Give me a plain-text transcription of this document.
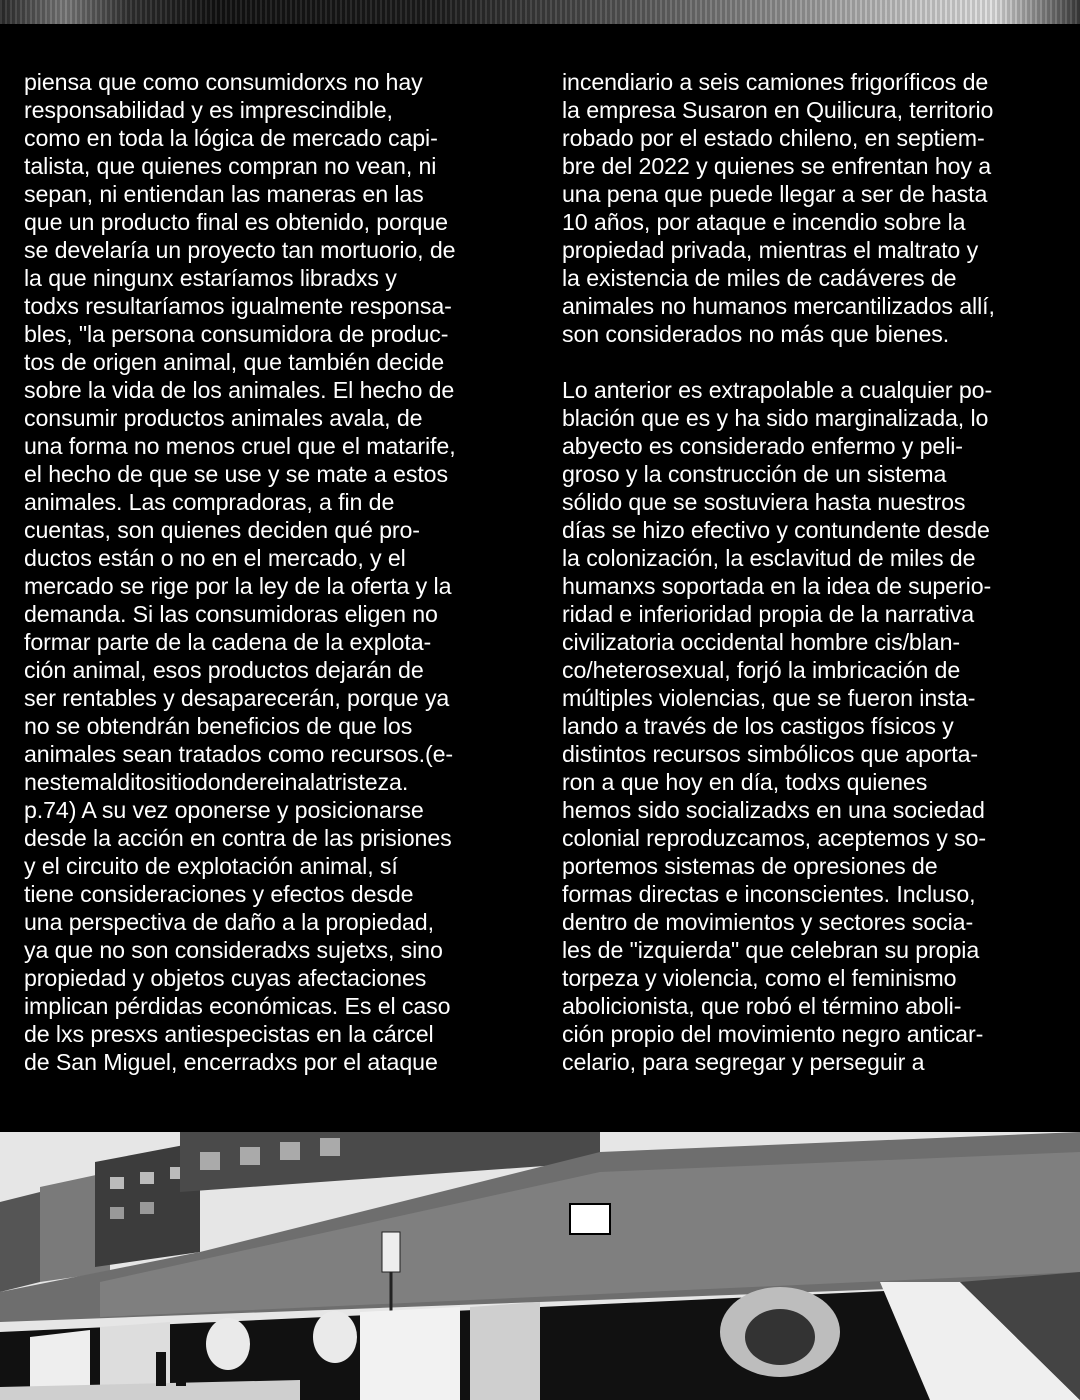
piensa que como consumidorxs no hay
responsabilidad y es imprescindible,
como en toda la lógica de mercado capi-
talista, que quienes compran no vean, ni
sepan, ni entiendan las maneras en las
que un producto final es obtenido, porque
se develaría un proyecto tan mortuorio, de
la que ningunx estaríamos libradxs y
todxs resultaríamos igualmente responsa-
bles, "la persona consumidora de produc-
tos de origen animal, que también decide
sobre la vida de los animales. El hecho de
consumir productos animales avala, de
una forma no menos cruel que el matarife,
el hecho de que se use y se mate a estos
animales. Las compradoras, a fin de
cuentas, son quienes deciden qué pro-
ductos están o no en el mercado, y el
mercado se rige por la ley de la oferta y la
demanda. Si las consumidoras eligen no
formar parte de la cadena de la explota-
ción animal, esos productos dejarán de
ser rentables y desaparecerán, porque ya
no se obtendrán beneficios de que los
animales sean tratados como recursos.(e-
nestemalditositiodondereinalatristeza.
p.74) A su vez oponerse y posicionarse
desde la acción en contra de las prisiones
y el circuito de explotación animal, sí
tiene consideraciones y efectos desde
una perspectiva de daño a la propiedad,
ya que no son consideradxs sujetxs, sino
propiedad y objetos cuyas afectaciones
implican pérdidas económicas. Es el caso
de lxs presxs antiespecistas en la cárcel
de San Miguel, encerradxs por el ataque
incendiario a seis camiones frigoríficos de
la empresa Susaron en Quilicura, territorio
robado por el estado chileno, en septiem-
bre del 2022 y quienes se enfrentan hoy a
una pena que puede llegar a ser de hasta
10 años, por ataque e incendio sobre la
propiedad privada, mientras el maltrato y
la existencia de miles de cadáveres de
animales no humanos mercantilizados allí,
son considerados no más que bienes.
Lo anterior es extrapolable a cualquier po-
blación que es y ha sido marginalizada, lo
abyecto es considerado enfermo y peli-
groso y la construcción de un sistema
sólido que se sostuviera hasta nuestros
días se hizo efectivo y contundente desde
la colonización, la esclavitud de miles de
humanxs soportada en la idea de superio-
ridad e inferioridad propia de la narrativa
civilizatoria occidental hombre cis/blan-
co/heterosexual, forjó la imbricación de
múltiples violencias, que se fueron insta-
lando a través de los castigos físicos y
distintos recursos simbólicos que aporta-
ron a que hoy en día, todxs quienes
hemos sido socializadxs en una sociedad
colonial reproduzcamos, aceptemos y so-
portemos sistemas de opresiones de
formas directas e inconscientes. Incluso,
dentro de movimientos y sectores socia-
les de "izquierda" que celebran su propia
torpeza y violencia, como el feminismo
abolicionista, que robó el término aboli-
ción propio del movimiento negro anticar-
celario, para segregar y perseguir a
